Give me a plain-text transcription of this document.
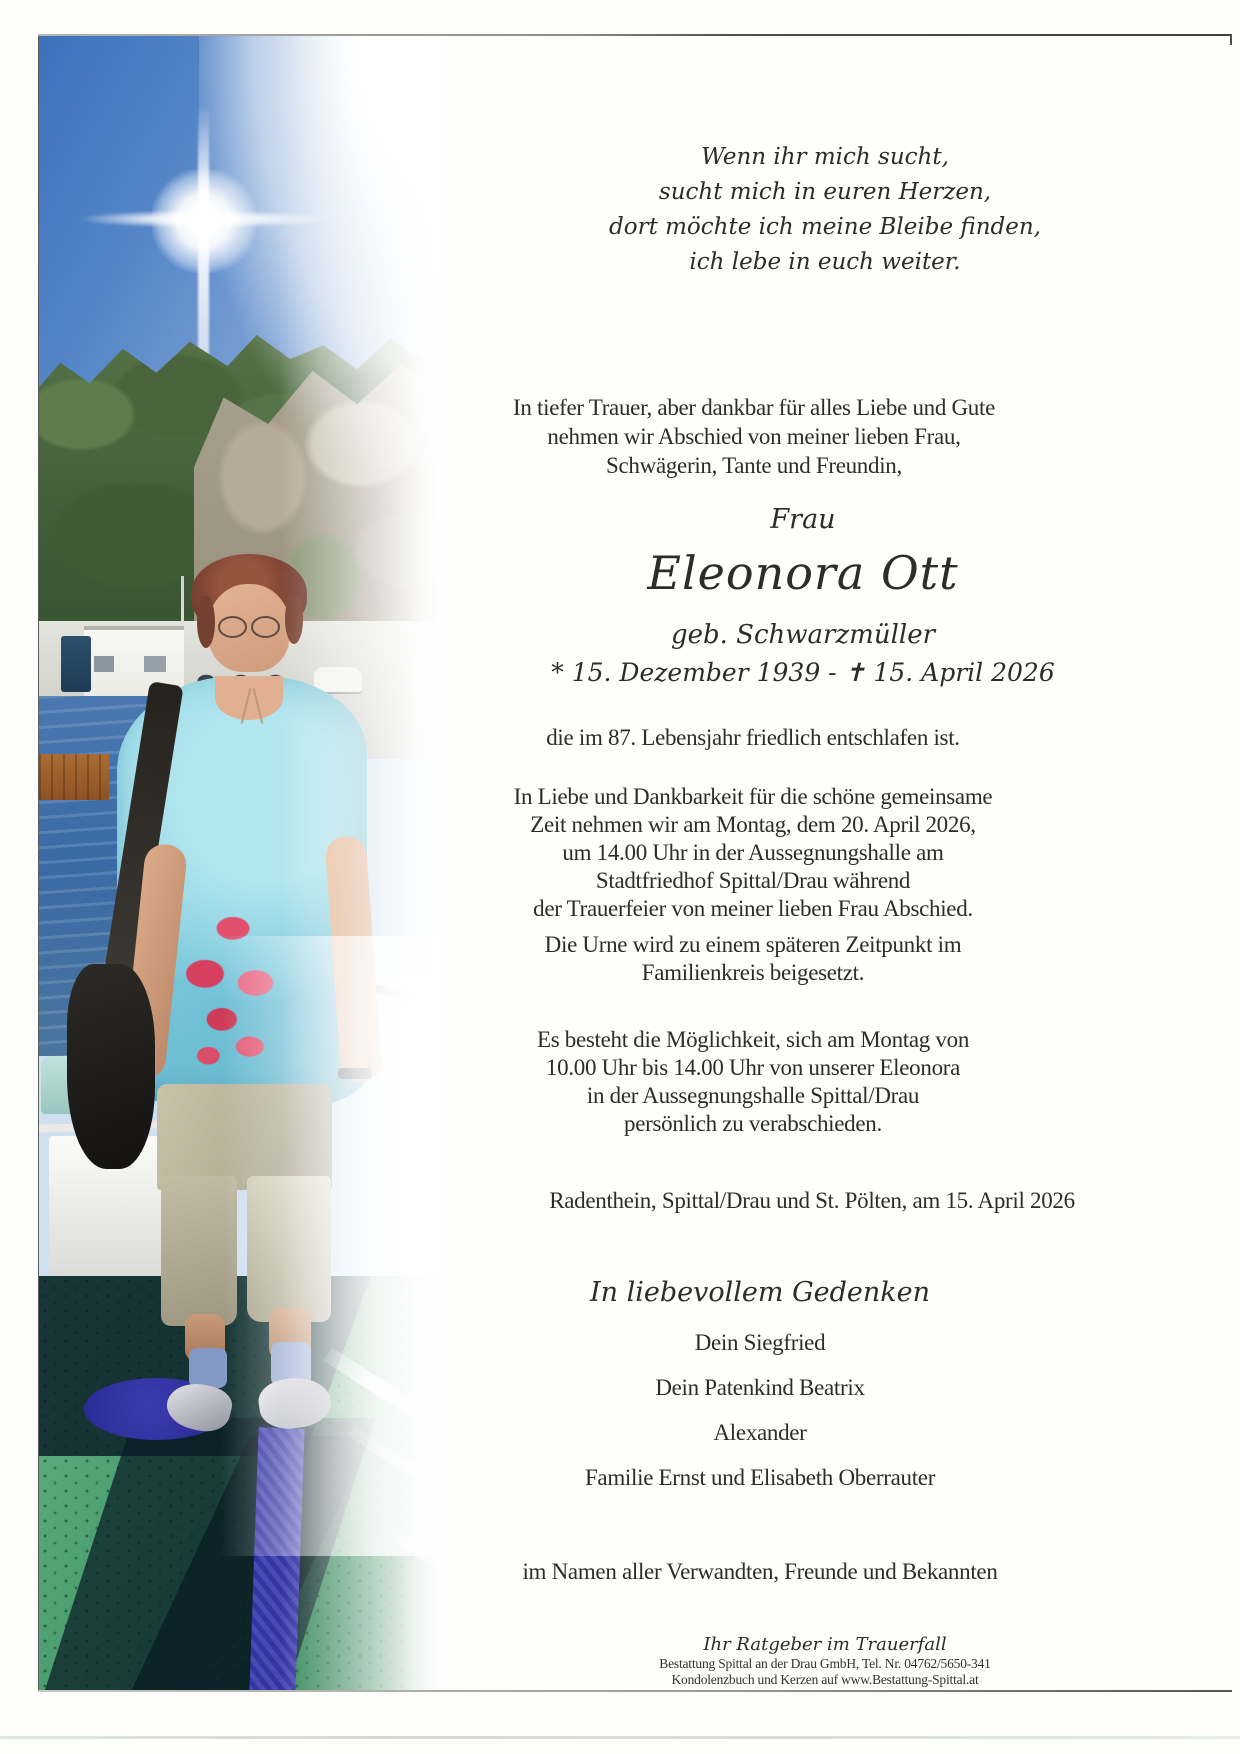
Wenn ihr mich sucht,
sucht mich in euren Herzen,
dort möchte ich meine Bleibe finden,
ich lebe in euch weiter.
In tiefer Trauer, aber dankbar für alles Liebe und Gute
nehmen wir Abschied von meiner lieben Frau,
Schwägerin, Tante und Freundin,
Frau
Eleonora Ott
geb. Schwarzmüller
* 15. Dezember 1939 - ✝ 15. April 2026
die im 87. Lebensjahr friedlich entschlafen ist.
In Liebe und Dankbarkeit für die schöne gemeinsame
Zeit nehmen wir am Montag, dem 20. April 2026,
um 14.00 Uhr in der Aussegnungshalle am
Stadtfriedhof Spittal/Drau während
der Trauerfeier von meiner lieben Frau Abschied.
Die Urne wird zu einem späteren Zeitpunkt im
Familienkreis beigesetzt.
Es besteht die Möglichkeit, sich am Montag von
10.00 Uhr bis 14.00 Uhr von unserer Eleonora
in der Aussegnungshalle Spittal/Drau
persönlich zu verabschieden.
Radenthein, Spittal/Drau und St. Pölten, am 15. April 2026
In liebevollem Gedenken
Dein Siegfried
Dein Patenkind Beatrix
Alexander
Familie Ernst und Elisabeth Oberrauter
im Namen aller Verwandten, Freunde und Bekannten
Ihr Ratgeber im Trauerfall
Bestattung Spittal an der Drau GmbH, Tel. Nr. 04762/5650-341
Kondolenzbuch und Kerzen auf www.Bestattung-Spittal.at
